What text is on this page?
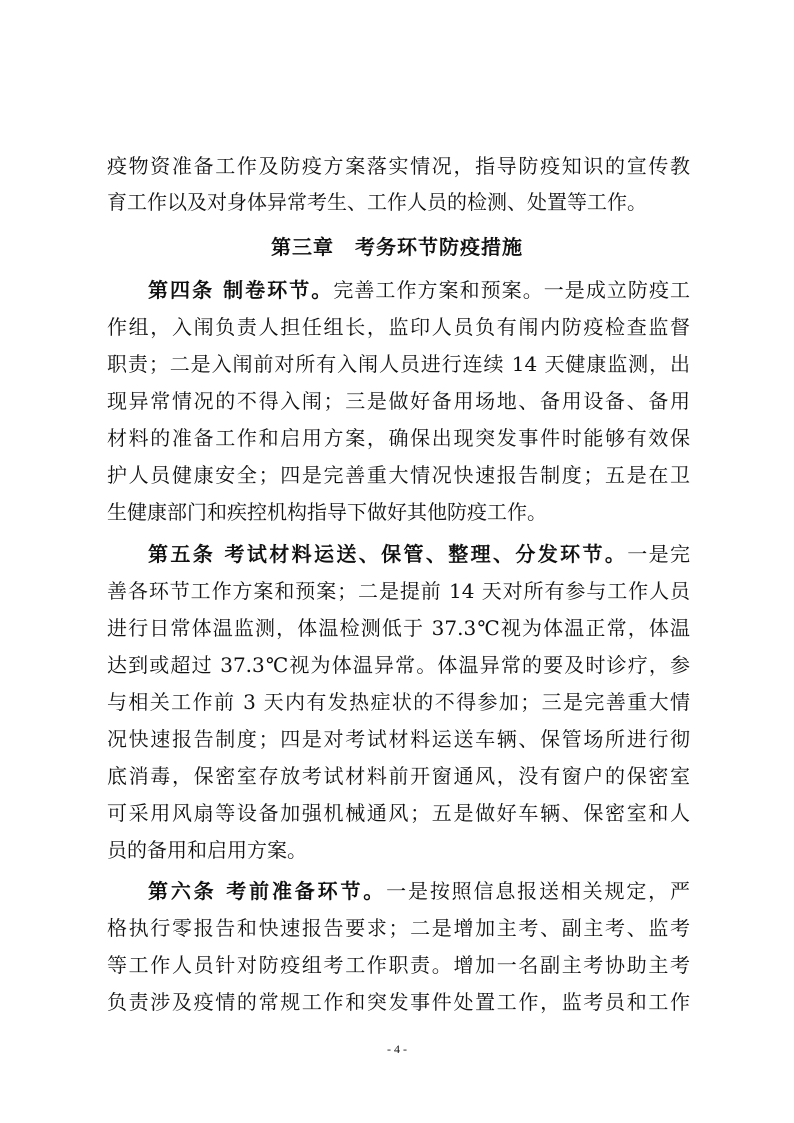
疫物资准备工作及防疫方案落实情况，指导防疫知识的宣传教
育工作以及对身体异常考生、工作人员的检测、处置等工作。
第三章　考务环节防疫措施
第四条 制卷环节。完善工作方案和预案。一是成立防疫工
作组，入闱负责人担任组长，监印人员负有闱内防疫检查监督
职责；二是入闱前对所有入闱人员进行连续 14 天健康监测，出
现异常情况的不得入闱；三是做好备用场地、备用设备、备用
材料的准备工作和启用方案，确保出现突发事件时能够有效保
护人员健康安全；四是完善重大情况快速报告制度；五是在卫
生健康部门和疾控机构指导下做好其他防疫工作。
第五条 考试材料运送、保管、整理、分发环节。一是完
善各环节工作方案和预案；二是提前 14 天对所有参与工作人员
进行日常体温监测，体温检测低于 37.3℃视为体温正常，体温
达到或超过 37.3℃视为体温异常。体温异常的要及时诊疗，参
与相关工作前 3 天内有发热症状的不得参加；三是完善重大情
况快速报告制度；四是对考试材料运送车辆、保管场所进行彻
底消毒，保密室存放考试材料前开窗通风，没有窗户的保密室
可采用风扇等设备加强机械通风；五是做好车辆、保密室和人
员的备用和启用方案。
第六条 考前准备环节。一是按照信息报送相关规定，严
格执行零报告和快速报告要求；二是增加主考、副主考、监考
等工作人员针对防疫组考工作职责。增加一名副主考协助主考
负责涉及疫情的常规工作和突发事件处置工作，监考员和工作
- 4 -
